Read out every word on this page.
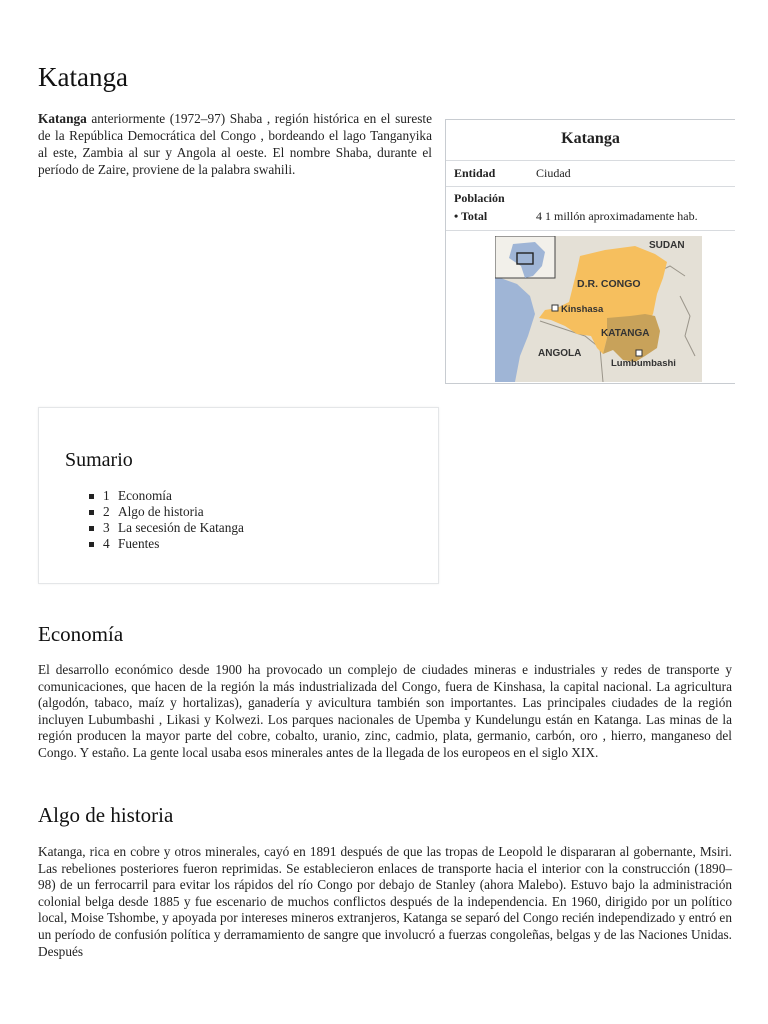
Katanga

Katanga anteriormente (1972–97) Shaba , región histórica en el sureste de la República Democrática del Congo , bordeando el lago Tanganyika al este, Zambia al sur y Angola al oeste. El nombre Shaba, durante el período de Zaire, proviene de la palabra swahili.

Katanga
Entidad	Ciudad
Población
• Total	4 1 millón aproximadamente hab.
SUDAN
D.R. CONGO
Kinshasa
KATANGA
ANGOLA
Lumbumbashi
Sumario
1 Economía
2 Algo de historia
3 La secesión de Katanga
4 Fuentes
Economía

El desarrollo económico desde 1900 ha provocado un complejo de ciudades mineras e industriales y redes de transporte y comunicaciones, que hacen de la región la más industrializada del Congo, fuera de Kinshasa, la capital nacional. La agricultura (algodón, tabaco, maíz y hortalizas), ganadería y avicultura también son importantes. Las principales ciudades de la región incluyen Lubumbashi , Likasi y Kolwezi. Los parques nacionales de Upemba y Kundelungu están en Katanga. Las minas de la región producen la mayor parte del cobre, cobalto, uranio, zinc, cadmio, plata, germanio, carbón, oro , hierro, manganeso del Congo. Y estaño. La gente local usaba esos minerales antes de la llegada de los europeos en el siglo XIX.

Algo de historia

Katanga, rica en cobre y otros minerales, cayó en 1891 después de que las tropas de Leopold le dispararan al gobernante, Msiri. Las rebeliones posteriores fueron reprimidas. Se establecieron enlaces de transporte hacia el interior con la construcción (1890–98) de un ferrocarril para evitar los rápidos del río Congo por debajo de Stanley (ahora Malebo). Estuvo bajo la administración colonial belga desde 1885 y fue escenario de muchos conflictos después de la independencia. En 1960, dirigido por un político local, Moise Tshombe, y apoyada por intereses mineros extranjeros, Katanga se separó del Congo recién independizado y entró en un período de confusión política y derramamiento de sangre que involucró a fuerzas congoleñas, belgas y de las Naciones Unidas. Después
